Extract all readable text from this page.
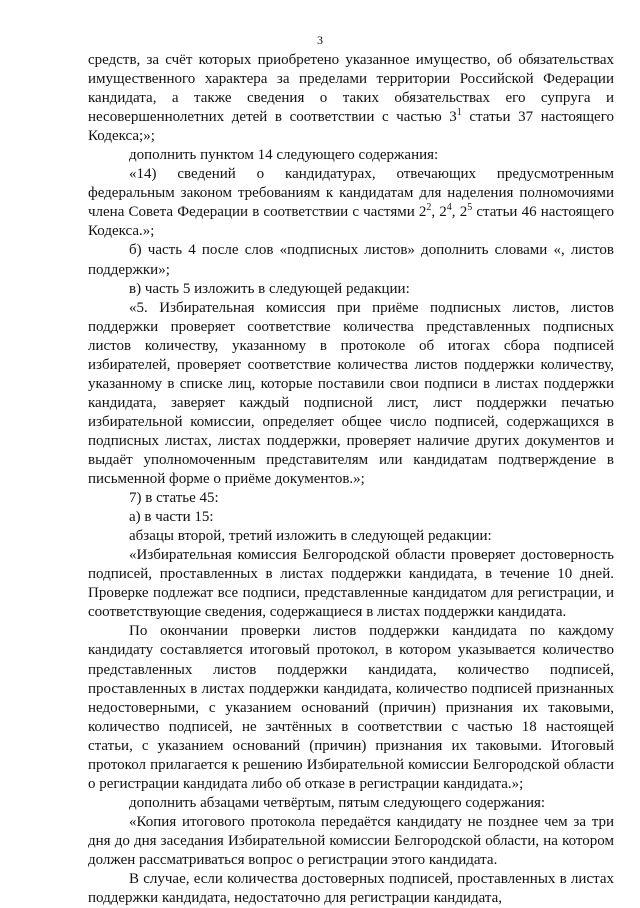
3

средств, за счёт которых приобретено указанное имущество, об обязательствах имущественного характера за пределами территории Российской Федерации кандидата, а также сведения о таких обязательствах его супруга и несовершеннолетних детей в соответствии с частью $3^1$ статьи 37 настоящего Кодекса;»;

дополнить пунктом 14 следующего содержания:

«14) сведений о кандидатурах, отвечающих предусмотренным федеральным законом требованиям к кандидатам для наделения полномочиями члена Совета Федерации в соответствии с частями $2^2$, $2^4$, $2^5$ статьи 46 настоящего Кодекса.»;

б) часть 4 после слов «подписных листов» дополнить словами «, листов поддержки»;

в) часть 5 изложить в следующей редакции:

«5. Избирательная комиссия при приёме подписных листов, листов поддержки проверяет соответствие количества представленных подписных листов количеству, указанному в протоколе об итогах сбора подписей избирателей, проверяет соответствие количества листов поддержки количеству, указанному в списке лиц, которые поставили свои подписи в листах поддержки кандидата, заверяет каждый подписной лист, лист поддержки печатью избирательной комиссии, определяет общее число подписей, содержащихся в подписных листах, листах поддержки, проверяет наличие других документов и выдаёт уполномоченным представителям или кандидатам подтверждение в письменной форме о приёме документов.»;

7) в статье 45:

а) в части 15:

абзацы второй, третий изложить в следующей редакции:

«Избирательная комиссия Белгородской области проверяет достоверность подписей, проставленных в листах поддержки кандидата, в течение 10 дней. Проверке подлежат все подписи, представленные кандидатом для регистрации, и соответствующие сведения, содержащиеся в листах поддержки кандидата.

По окончании проверки листов поддержки кандидата по каждому кандидату составляется итоговый протокол, в котором указывается количество представленных листов поддержки кандидата, количество подписей, проставленных в листах поддержки кандидата, количество подписей признанных недостоверными, с указанием оснований (причин) признания их таковыми, количество подписей, не зачтённых в соответствии с частью 18 настоящей статьи, с указанием оснований (причин) признания их таковыми. Итоговый протокол прилагается к решению Избирательной комиссии Белгородской области о регистрации кандидата либо об отказе в регистрации кандидата.»;

дополнить абзацами четвёртым, пятым следующего содержания:

«Копия итогового протокола передаётся кандидату не позднее чем за три дня до дня заседания Избирательной комиссии Белгородской области, на котором должен рассматриваться вопрос о регистрации этого кандидата.

В случае, если количества достоверных подписей, проставленных в листах поддержки кандидата, недостаточно для регистрации кандидата,
